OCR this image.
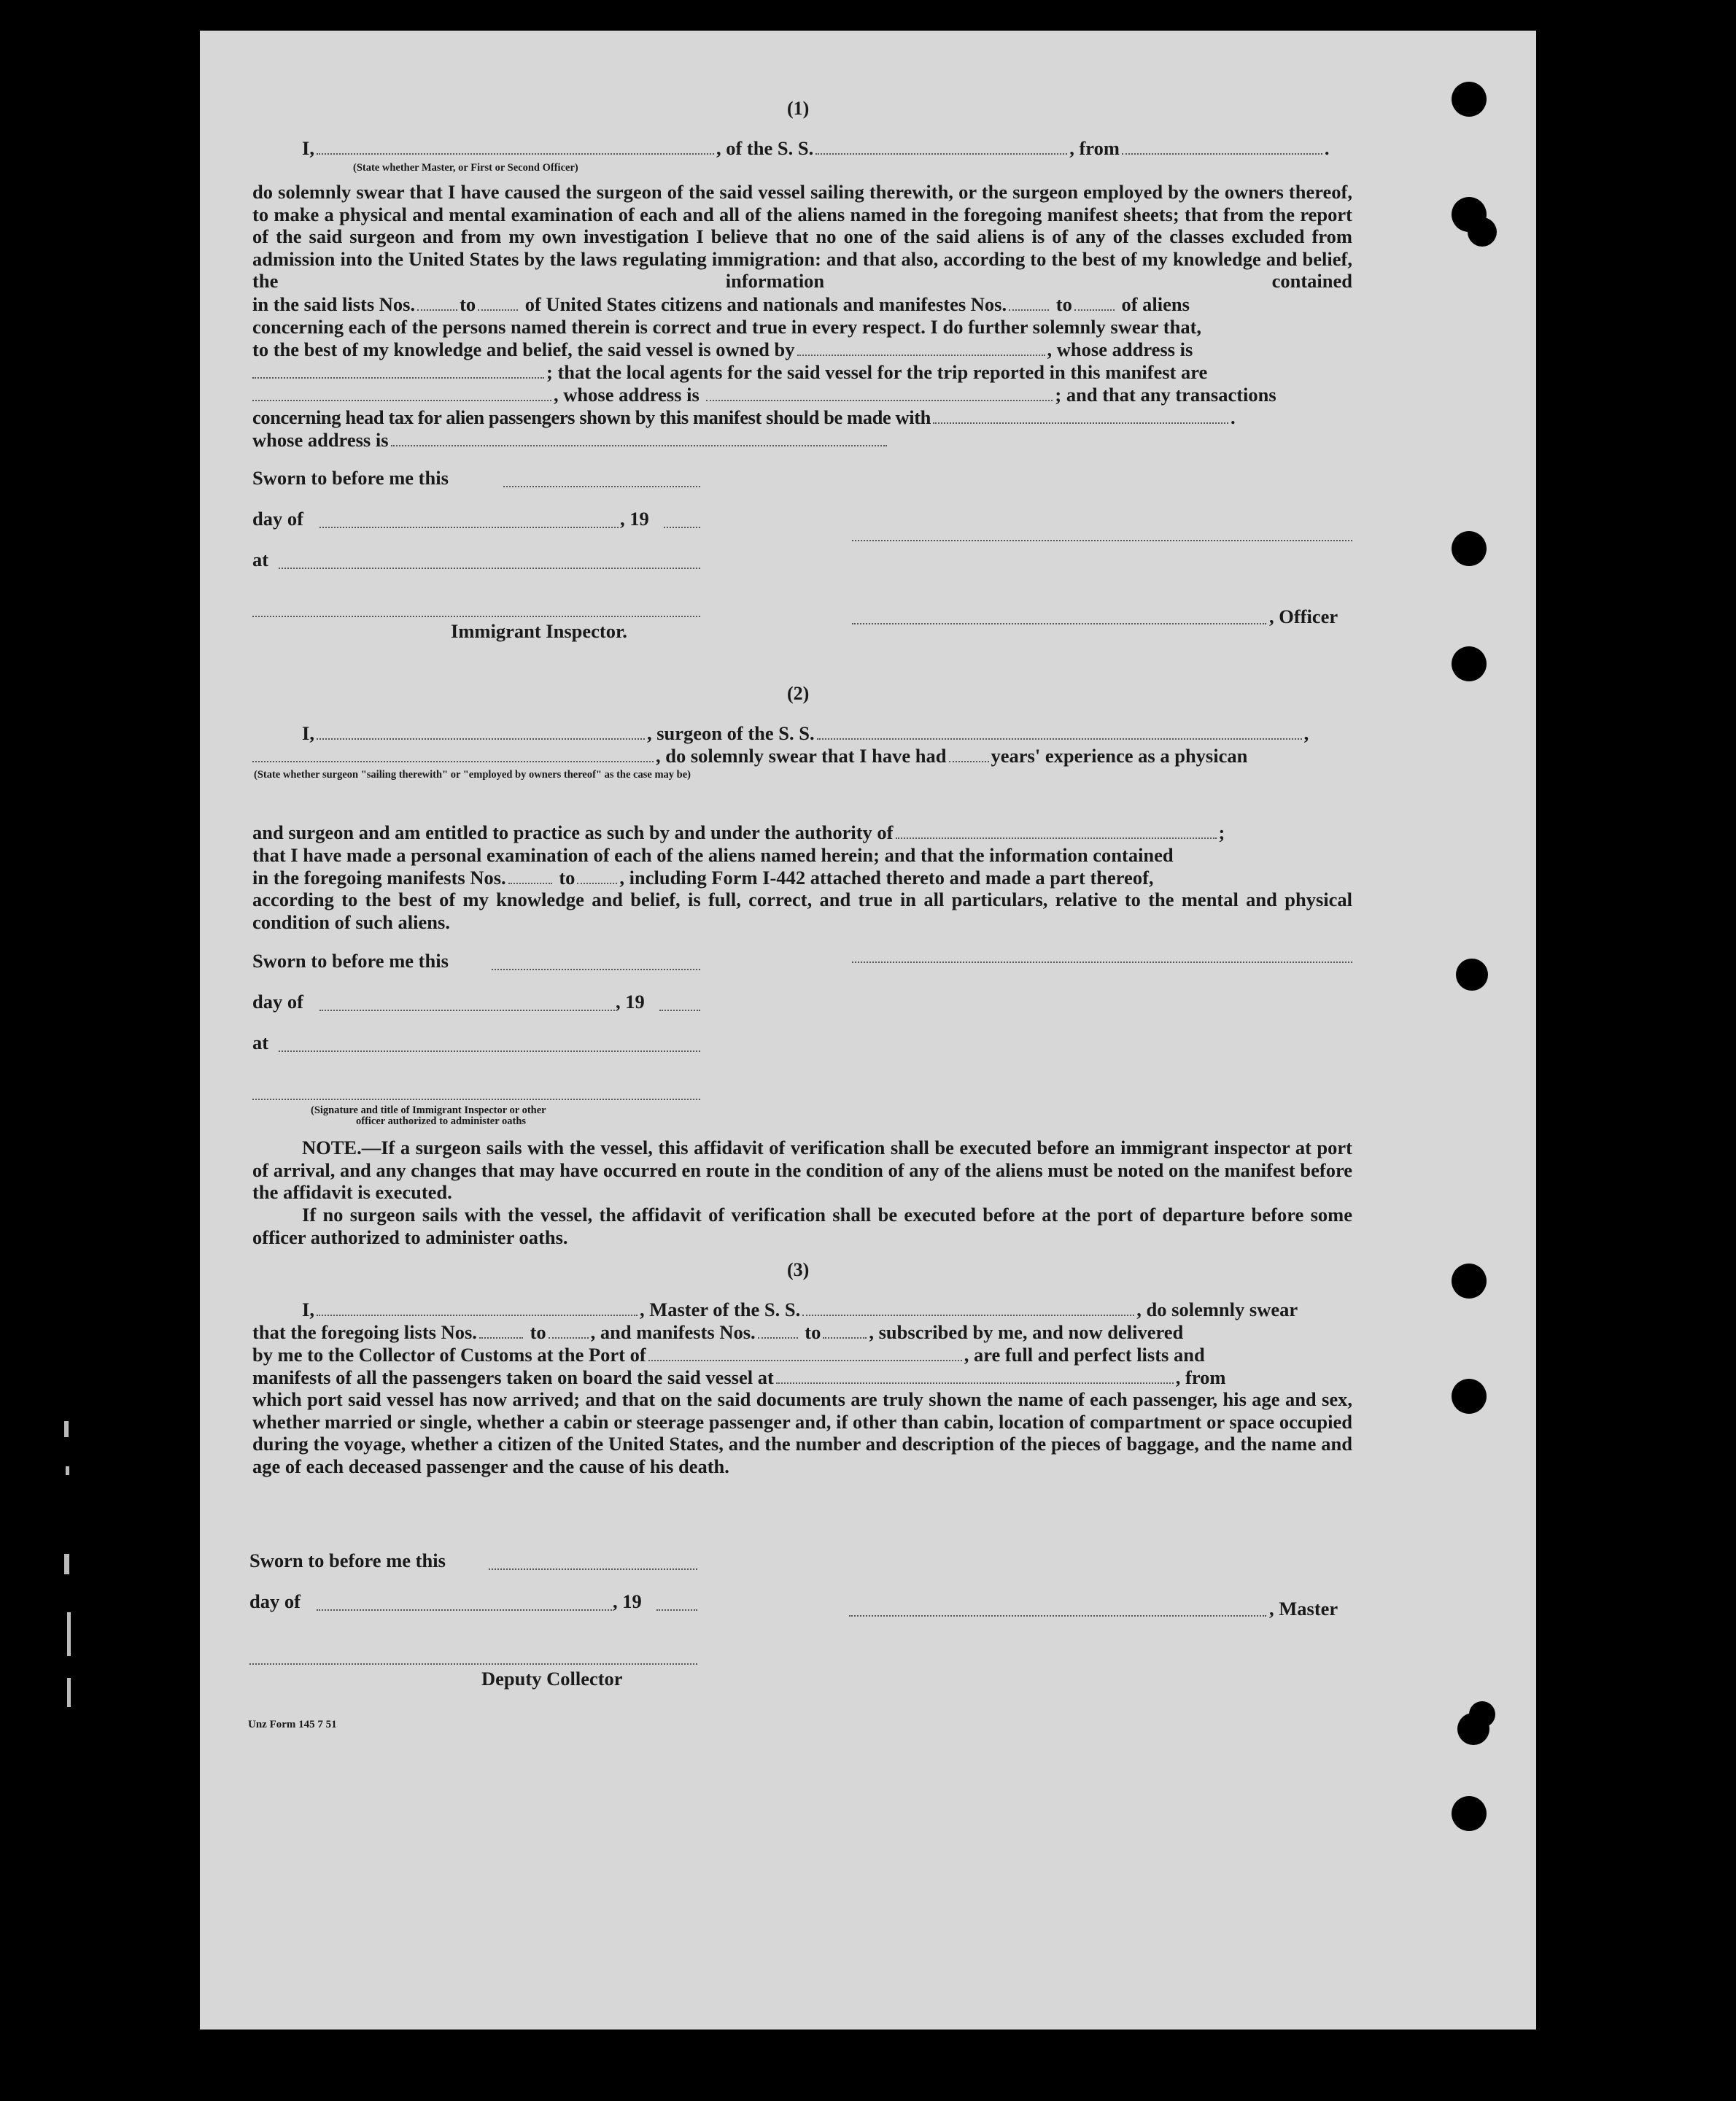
(1)
I,	, of the S. S.	, from	.
(State whether Master, or First or Second Officer)
do solemnly swear that I have caused the surgeon of the said vessel sailing therewith, or the surgeon employed by the owners thereof, to make a physical and mental examination of each and all of the aliens named in the foregoing manifest sheets; that from the report of the said surgeon and from my own investigation I believe that no one of the said aliens is of any of the classes excluded from admission into the United States by the laws regulating immigration: and that also, according to the best of my knowledge and belief, the information contained
in the said lists Nos. to	of United States citizens and nationals and manifestes Nos.	to	of aliens
concerning each of the persons named therein is correct and true in every respect. I do further solemnly swear that,
to the best of my knowledge and belief, the said vessel is owned by	, whose address is
; that the local agents for the said vessel for the trip reported in this manifest are
, whose address is	; and that any transactions
concerning head tax for alien passengers shown by this manifest should be made with	.
whose address is
Sworn to before me this
day of	, 19
at
, Officer
Immigrant Inspector.
(2)
I,	, surgeon of the S. S.	,
, do solemnly swear that I have had years' experience as a physican
(State whether surgeon "sailing therewith" or "employed by owners thereof" as the case may be)
and surgeon and am entitled to practice as such by and under the authority of	;
that I have made a personal examination of each of the aliens named herein; and that the information contained
in the foregoing manifests Nos.	to , including Form I-442 attached thereto and made a part thereof,
according to the best of my knowledge and belief, is full, correct, and true in all particulars, relative to the mental and physical condition of such aliens.
Sworn to before me this
day of	, 19
at
(Signature and title of Immigrant Inspector or other
officer authorized to administer oaths
NOTE.—If a surgeon sails with the vessel, this affidavit of verification shall be executed before an immigrant inspector at port of arrival, and any changes that may have occurred en route in the condition of any of the aliens must be noted on the manifest before the affidavit is executed.
If no surgeon sails with the vessel, the affidavit of verification shall be executed before at the port of departure before some officer authorized to administer oaths.
(3)
I,	, Master of the S. S.	, do solemnly swear
that the foregoing lists Nos.	to , and manifests Nos.	to , subscribed by me, and now delivered
by me to the Collector of Customs at the Port of	, are full and perfect lists and
manifests of all the passengers taken on board the said vessel at	, from
which port said vessel has now arrived; and that on the said documents are truly shown the name of each passenger, his age and sex, whether married or single, whether a cabin or steerage passenger and, if other than cabin, location of compartment or space occupied during the voyage, whether a citizen of the United States, and the number and description of the pieces of baggage, and the name and age of each deceased passenger and the cause of his death.
Sworn to before me this
day of	, 19	, Master
Deputy Collector
Unz Form 145 7 51
